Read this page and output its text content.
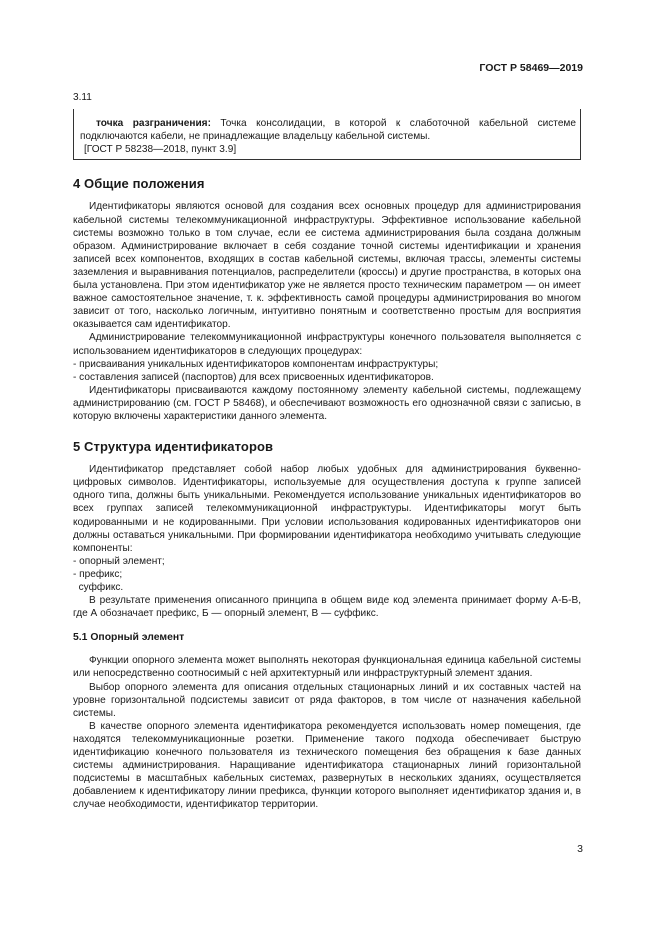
ГОСТ Р 58469—2019
3.11

точка разграничения: Точка консолидации, в которой к слаботочной кабельной системе подключаются кабели, не принадлежащие владельцу кабельной системы.

[ГОСТ Р 58238—2018, пункт 3.9]

4 Общие положения

Идентификаторы являются основой для создания всех основных процедур для администрирования кабельной системы телекоммуникационной инфраструктуры. Эффективное использование кабельной системы возможно только в том случае, если ее система администрирования была создана должным образом. Администрирование включает в себя создание точной системы идентификации и хранения записей всех компонентов, входящих в состав кабельной системы, включая трассы, элементы системы заземления и выравнивания потенциалов, распределители (кроссы) и другие пространства, в которых она была установлена. При этом идентификатор уже не является просто техническим параметром — он имеет важное самостоятельное значение, т. к. эффективность самой процедуры администрирования во многом зависит от того, насколько логичным, интуитивно понятным и соответственно простым для восприятия оказывается сам идентификатор.

Администрирование телекоммуникационной инфраструктуры конечного пользователя выполняется с использованием идентификаторов в следующих процедурах:

- присваивания уникальных идентификаторов компонентам инфраструктуры;
- составления записей (паспортов) для всех присвоенных идентификаторов.

Идентификаторы присваиваются каждому постоянному элементу кабельной системы, подлежащему администрированию (см. ГОСТ Р 58468), и обеспечивают возможность его однозначной связи с записью, в которую включены характеристики данного элемента.

5 Структура идентификаторов

Идентификатор представляет собой набор любых удобных для администрирования буквенно-цифровых символов. Идентификаторы, используемые для осуществления доступа к группе записей одного типа, должны быть уникальными. Рекомендуется использование уникальных идентификаторов во всех группах записей телекоммуникационной инфраструктуры. Идентификаторы могут быть кодированными и не кодированными. При условии использования кодированных идентификаторов они должны оставаться уникальными. При формировании идентификатора необходимо учитывать следующие компоненты:

- опорный элемент;
- префикс;
суффикс.

В результате применения описанного принципа в общем виде код элемента принимает форму А-Б-В, где А обозначает префикс, Б — опорный элемент, В — суффикс.

5.1 Опорный элемент

Функции опорного элемента может выполнять некоторая функциональная единица кабельной системы или непосредственно соотносимый с ней архитектурный или инфраструктурный элемент здания.

Выбор опорного элемента для описания отдельных стационарных линий и их составных частей на уровне горизонтальной подсистемы зависит от ряда факторов, в том числе от назначения кабельной системы.

В качестве опорного элемента идентификатора рекомендуется использовать номер помещения, где находятся телекоммуникационные розетки. Применение такого подхода обеспечивает быструю идентификацию конечного пользователя из технического помещения без обращения к базе данных системы администрирования. Наращивание идентификатора стационарных линий горизонтальной подсистемы в масштабных кабельных системах, развернутых в нескольких зданиях, осуществляется добавлением к идентификатору линии префикса, функции которого выполняет идентификатор здания и, в случае необходимости, идентификатор территории.

3
